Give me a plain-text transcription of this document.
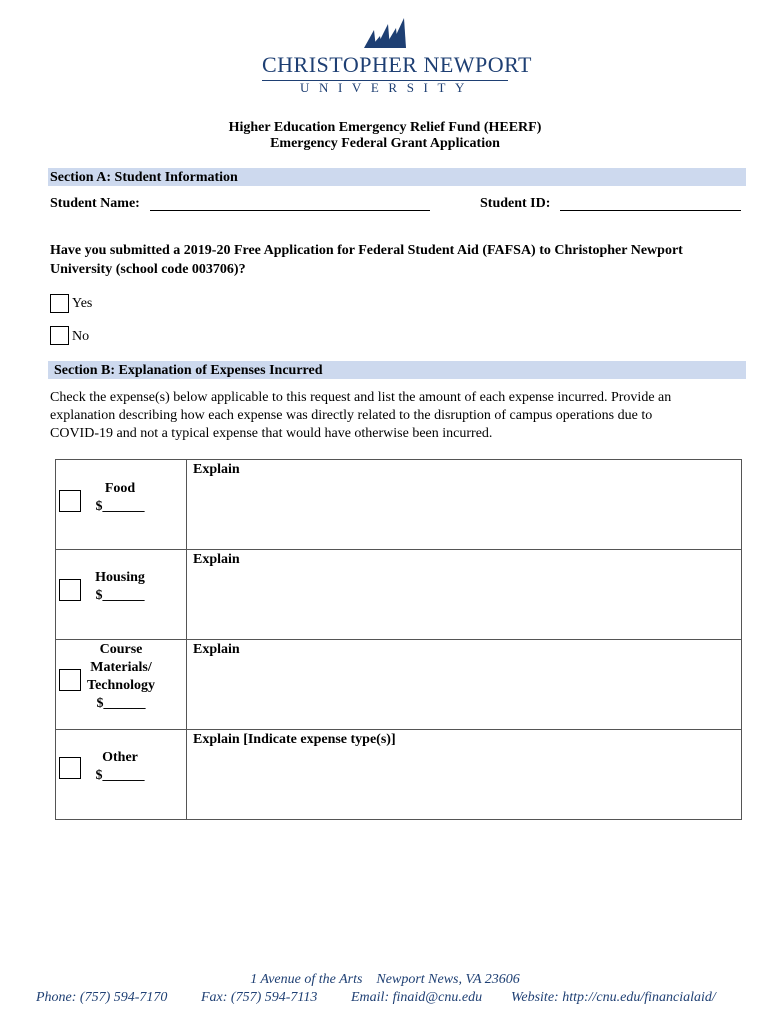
CHRISTOPHER NEWPORT
UNIVERSITY
Higher Education Emergency Relief Fund (HEERF)
Emergency Federal Grant Application
Section A: Student Information
Student Name:	Student ID:
Have you submitted a 2019-20 Free Application for Federal Student Aid (FAFSA) to Christopher Newport
University (school code 003706)?
Yes
No
Section B: Explanation of Expenses Incurred
Check the expense(s) below applicable to this request and list the amount of each expense incurred. Provide an
explanation describing how each expense was directly related to the disruption of campus operations due to
COVID-19 and not a typical expense that would have otherwise been incurred.
Food
$______
Explain
Housing
$______
Explain
Course
Materials/
Technology
$______
Explain
Other
$______
Explain [Indicate expense type(s)]
1 Avenue of the Arts    Newport News, VA 23606
Phone: (757) 594-7170 Fax: (757) 594-7113 Email: finaid@cnu.edu Website: http://cnu.edu/financialaid/
